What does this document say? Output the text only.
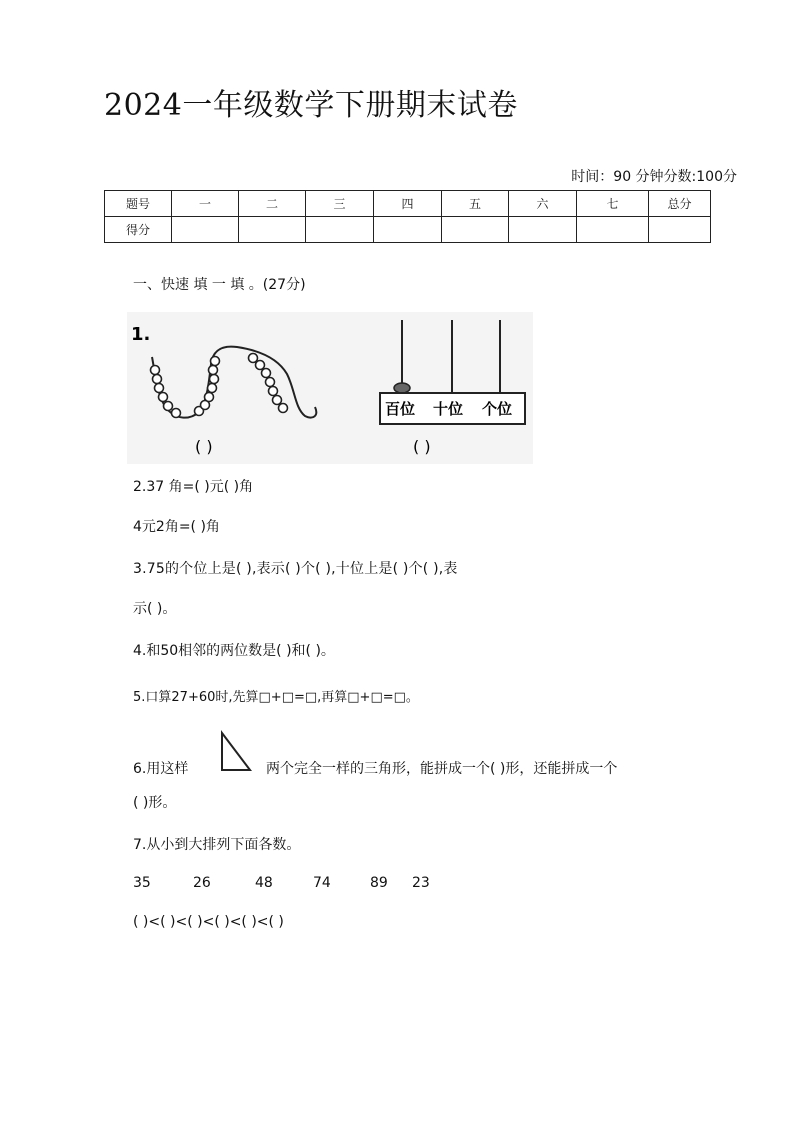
2024一年级数学下册期末试卷
时间：90 分钟分数:100分
题号	一	二	三	四	五	六	七	总分
得分								
一、快速 填 一 填 。(27分)
1.
( )
百位 十位 个位
( )
2.37 角=( )元( )角
4元2角=( )角
3.75的个位上是( ),表示( )个( ),十位上是( )个( ),表
示( )。
4.和50相邻的两位数是( )和( )。
5.口算27+60时,先算□+□=□,再算□+□=□。
6.用这样	两个完全一样的三角形，能拼成一个( )形，还能拼成一个
( )形。
7.从小到大排列下面各数。
35	26	48	74	89 23
( )<( )<( )<( )<( )<( )
